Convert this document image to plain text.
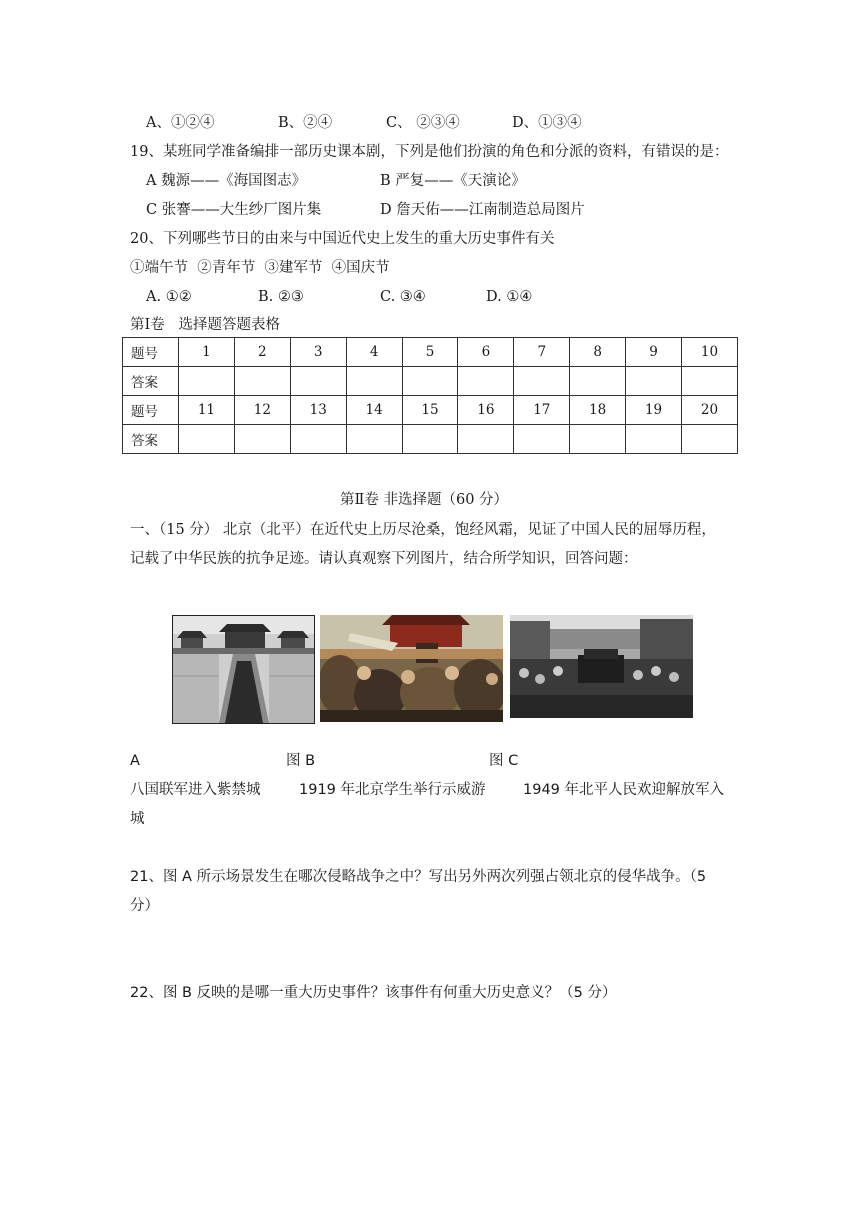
A、①②④	B、②④	C、 ②③④	D、①③④
19、某班同学准备编排一部历史课本剧，下列是他们扮演的角色和分派的资料，有错误的是：
A 魏源——《海国图志》	B 严复——《天演论》
C 张謇——大生纱厂图片集	D 詹天佑——江南制造总局图片
20、下列哪些节日的由来与中国近代史上发生的重大历史事件有关
①端午节  ②青年节  ③建军节  ④国庆节
A. ①②	B. ②③	C. ③④	D. ①④
第Ⅰ卷   选择题答题表格
题号	1	2	3	4	5	6	7	8	9	10
答案										
题号	11	12	13	14	15	16	17	18	19	20
答案										
第Ⅱ卷 非选择题（60 分）
一、（15 分） 北京（北平）在近代史上历尽沧桑，饱经风霜，见证了中国人民的屈辱历程，
记载了中华民族的抗争足迹。请认真观察下列图片，结合所学知识，回答问题：
A	图 B	图 C
八国联军进入紫禁城	1919 年北京学生举行示威游	1949 年北平人民欢迎解放军入
城
21、图 A 所示场景发生在哪次侵略战争之中？写出另外两次列强占领北京的侵华战争。（5
分）
22、图 B 反映的是哪一重大历史事件？该事件有何重大历史意义？（5 分）
